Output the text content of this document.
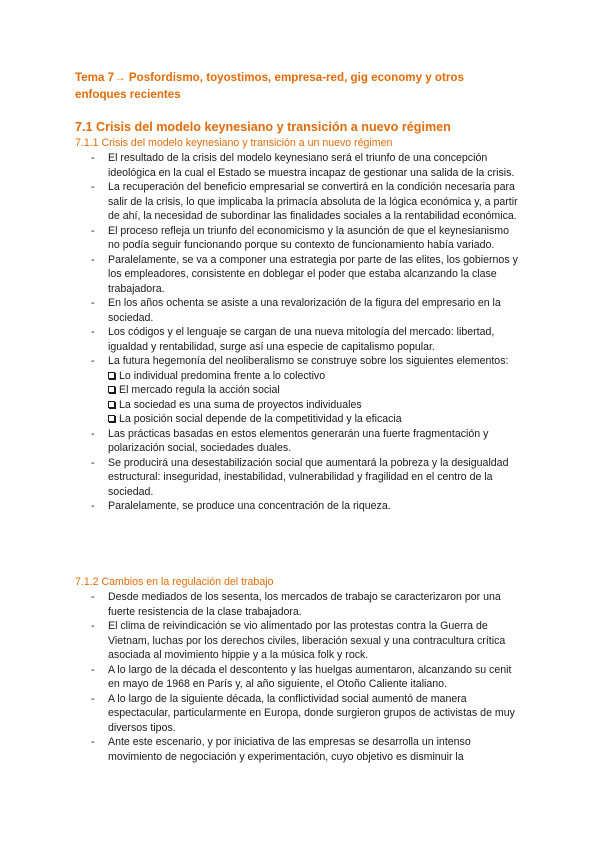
Tema 7→ Posfordismo, toyostimos, empresa-red, gig economy y otros enfoques recientes
7.1 Crisis del modelo keynesiano y transición a nuevo régimen
7.1.1 Crisis del modelo keynesiano y transición a un nuevo régimen
- El resultado de la crisis del modelo keynesiano será el triunfo de una concepción ideológica en la cual el Estado se muestra incapaz de gestionar una salida de la crisis.
- La recuperación del beneficio empresarial se convertirá en la condición necesaria para salir de la crisis, lo que implicaba la primacía absoluta de la lógica económica y, a partir de ahí, la necesidad de subordinar las finalidades sociales a la rentabilidad económica.
- El proceso refleja un triunfo del economicismo y la asunción de que el keynesianismo no podía seguir funcionando porque su contexto de funcionamiento había variado.
- Paralelamente, se va a componer una estrategia por parte de las elites, los gobiernos y los empleadores, consistente en doblegar el poder que estaba alcanzando la clase trabajadora.
- En los años ochenta se asiste a una revalorización de la figura del empresario en la sociedad.
- Los códigos y el lenguaje se cargan de una nueva mitología del mercado: libertad, igualdad y rentabilidad, surge así una especie de capitalismo popular.
- La futura hegemonía del neoliberalismo se construye sobre los siguientes elementos:
Lo individual predomina frente a lo colectivo
El mercado regula la acción social
La sociedad es una suma de proyectos individuales
La posición social depende de la competitividad y la eficacia
- Las prácticas basadas en estos elementos generarán una fuerte fragmentación y polarización social, sociedades duales.
- Se producirá una desestabilización social que aumentará la pobreza y la desigualdad estructural: inseguridad, inestabilidad, vulnerabilidad y fragilidad en el centro de la sociedad.
- Paralelamente, se produce una concentración de la riqueza.
7.1.2 Cambios en la regulación del trabajo
- Desde mediados de los sesenta, los mercados de trabajo se caracterizaron por una fuerte resistencia de la clase trabajadora.
- El clima de reivindicación se vio alimentado por las protestas contra la Guerra de Vietnam, luchas por los derechos civiles, liberación sexual y una contracultura crítica asociada al movimiento hippie y a la música folk y rock.
- A lo largo de la década el descontento y las huelgas aumentaron, alcanzando su cenit en mayo de 1968 en París y, al año siguiente, el Otoño Caliente italiano.
- A lo largo de la siguiente década, la conflictividad social aumentó de manera espectacular, particularmente en Europa, donde surgieron grupos de activistas de muy diversos tipos.
- Ante este escenario, y por iniciativa de las empresas se desarrolla un intenso movimiento de negociación y experimentación, cuyo objetivo es disminuir la
